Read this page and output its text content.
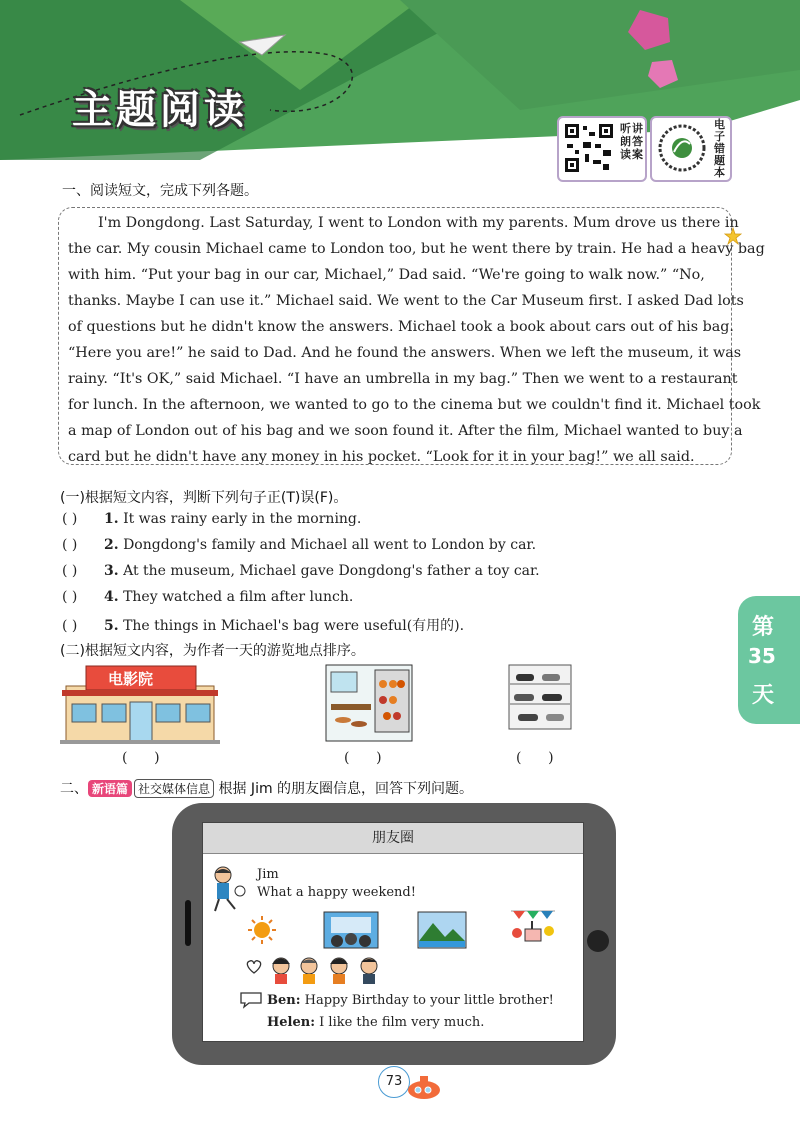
主题阅读	听
朗
读
讲
答
案
电
子
错
题
本
一、阅读短文，完成下列各题。
I'm Dongdong. Last Saturday, I went to London with my parents. Mum drove us there in
the car. My cousin Michael came to London too, but he went there by train. He had a heavy bag
with him. “Put your bag in our car, Michael,” Dad said. “We're going to walk now.” “No,
thanks. Maybe I can use it.” Michael said. We went to the Car Museum first. I asked Dad lots
of questions but he didn't know the answers. Michael took a book about cars out of his bag.
“Here you are!” he said to Dad. And he found the answers. When we left the museum, it was
rainy. “It's OK,” said Michael. “I have an umbrella in my bag.” Then we went to a restaurant
for lunch. In the afternoon, we wanted to go to the cinema but we couldn't find it. Michael took
a map of London out of his bag and we soon found it. After the film, Michael wanted to buy a
card but he didn't have any money in his pocket. “Look for it in your bag!” we all said.
(一)根据短文内容，判断下列句子正(T)误(F)。
( ) 1. It was rainy early in the morning.
( ) 2. Dongdong's family and Michael all went to London by car.
( ) 3. At the museum, Michael gave Dongdong's father a toy car.
( ) 4. They watched a film after lunch.
( ) 5. The things in Michael's bag were useful(有用的).
(二)根据短文内容，为作者一天的游览地点排序。
电影院
(      )	(      )	(      )
第
35
天
二、 新语篇 社交媒体信息 根据 Jim 的朋友圈信息，回答下列问题。
朋友圈
Jim
What a happy weekend!
Ben: Happy Birthday to your little brother!
Helen: I like the film very much.
73
